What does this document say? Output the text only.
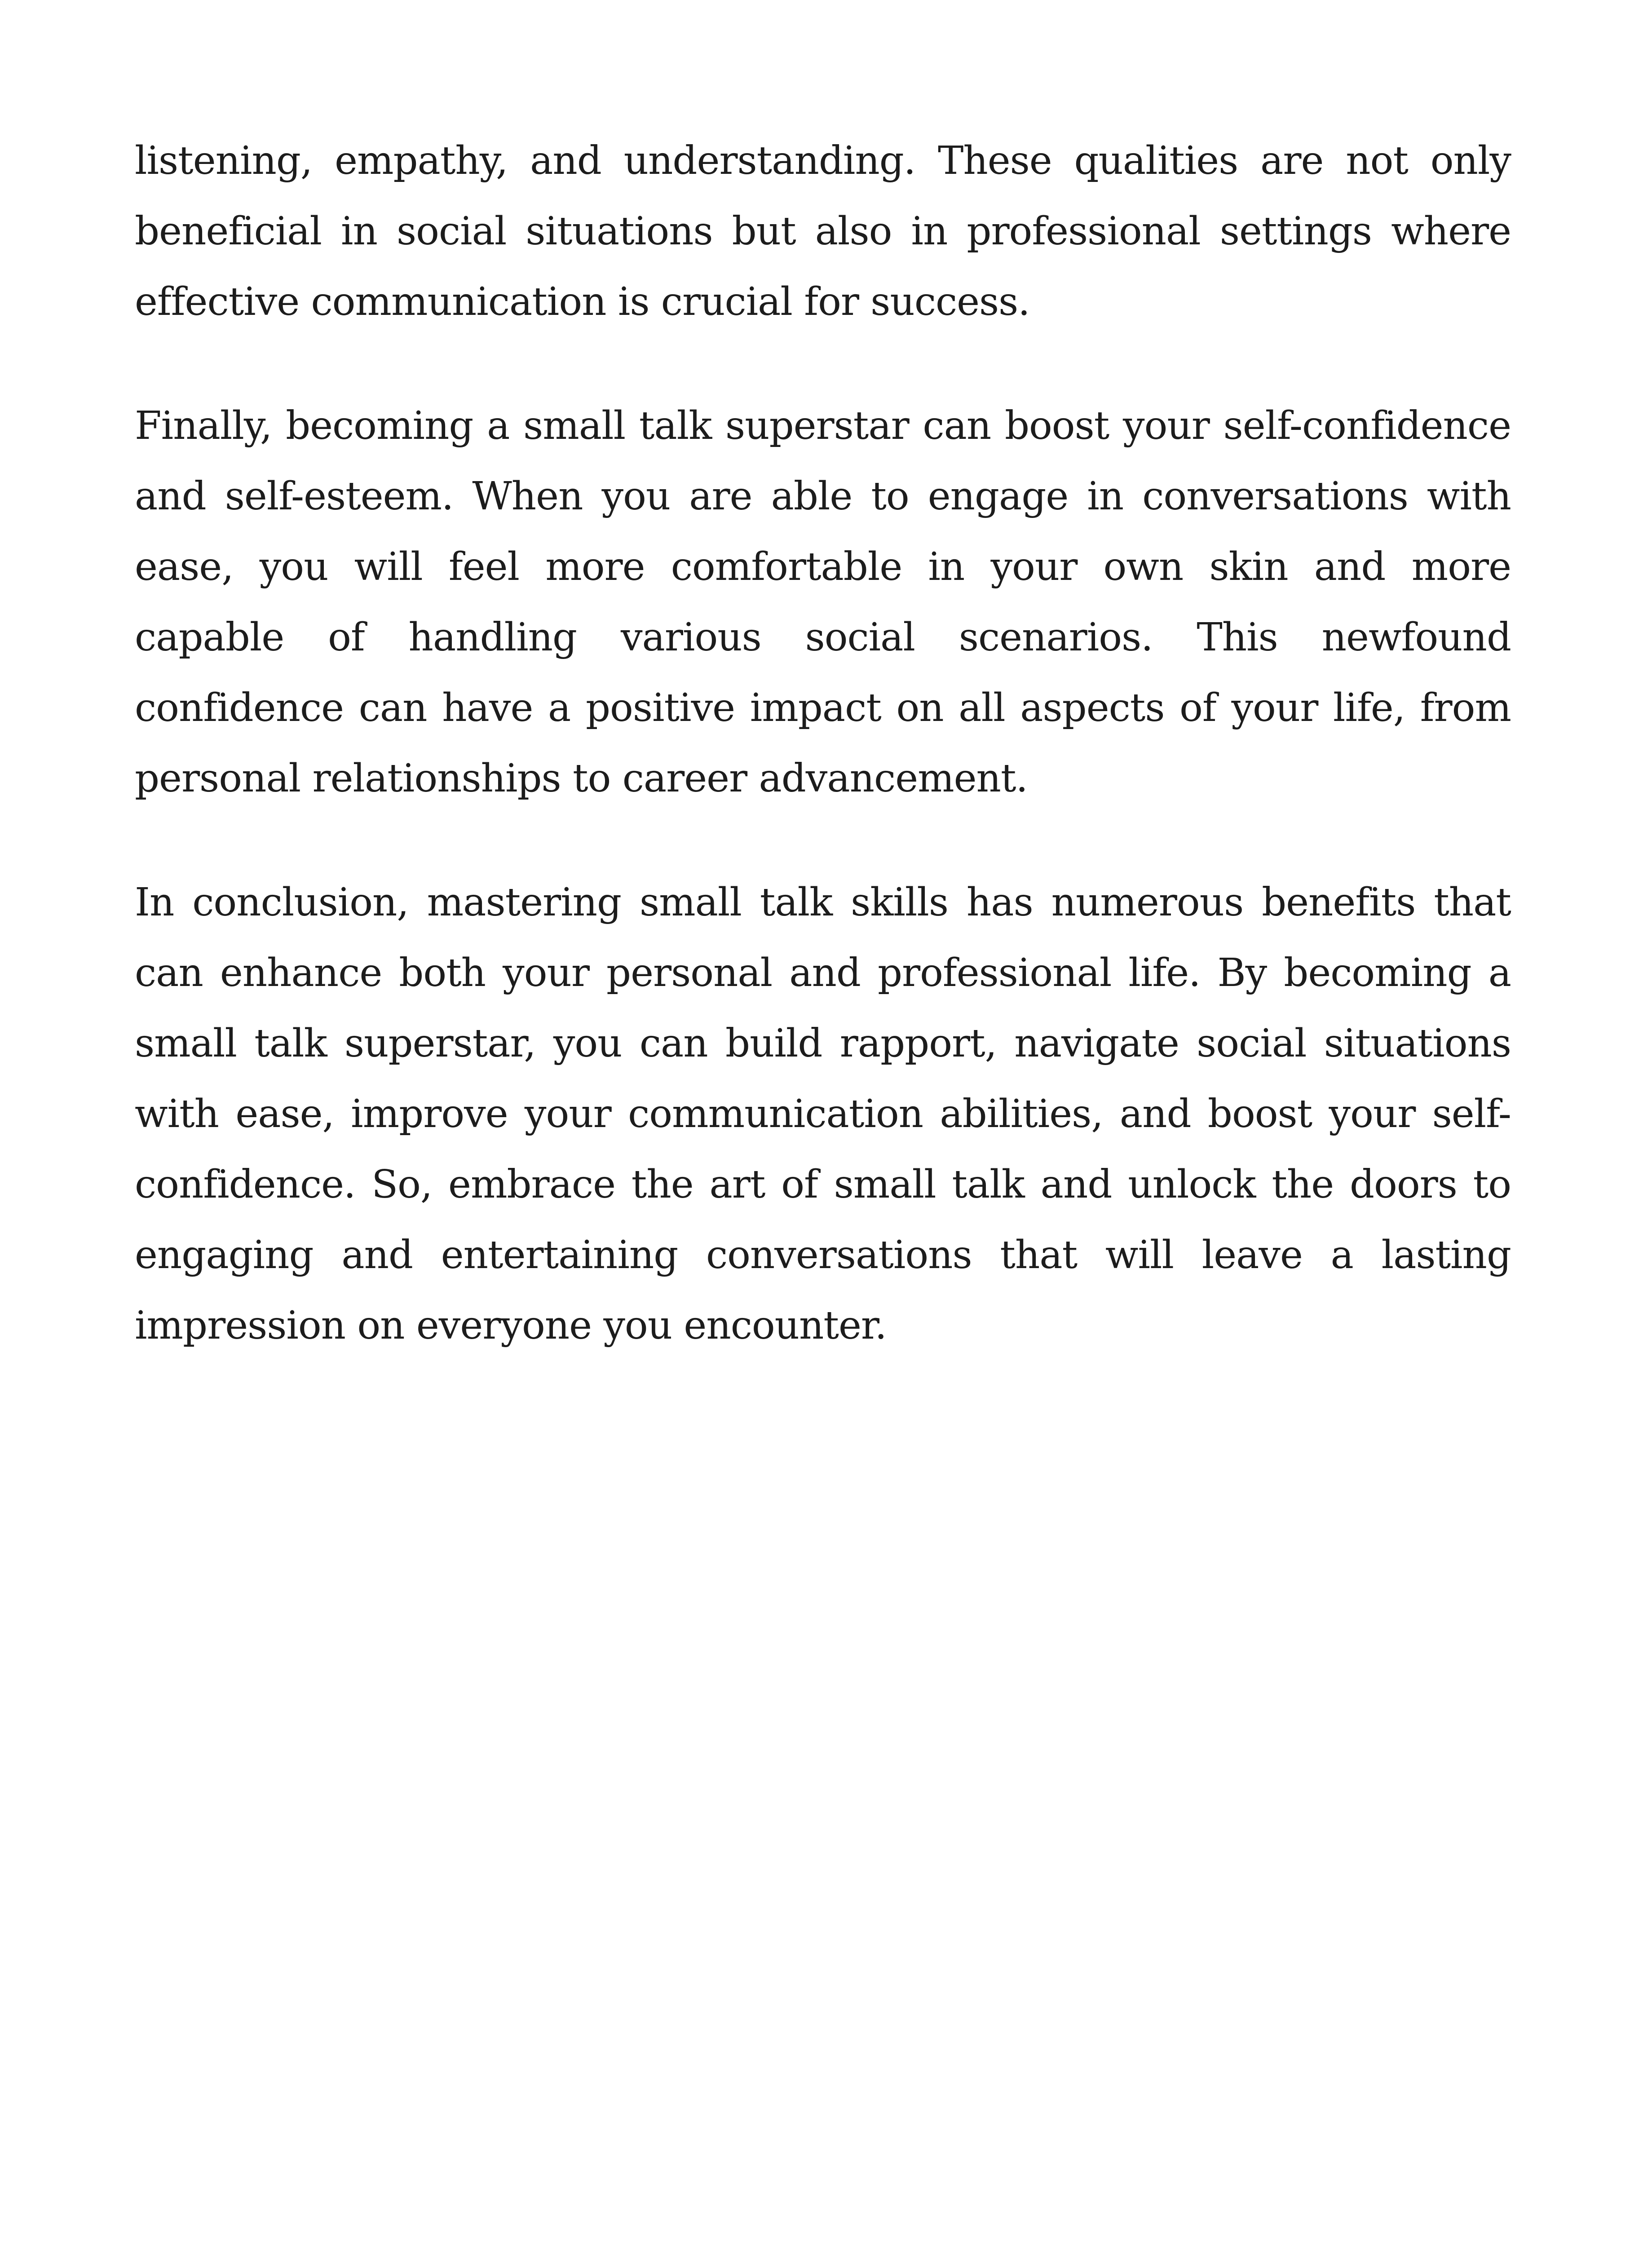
listening, empathy, and understanding. These qualities are not only
beneficial in social situations but also in professional settings where
effective communication is crucial for success.
Finally, becoming a small talk superstar can boost your self-confidence
and self-esteem. When you are able to engage in conversations with
ease, you will feel more comfortable in your own skin and more
capable of handling various social scenarios. This newfound
confidence can have a positive impact on all aspects of your life, from
personal relationships to career advancement.
In conclusion, mastering small talk skills has numerous benefits that
can enhance both your personal and professional life. By becoming a
small talk superstar, you can build rapport, navigate social situations
with ease, improve your communication abilities, and boost your self-
confidence. So, embrace the art of small talk and unlock the doors to
engaging and entertaining conversations that will leave a lasting
impression on everyone you encounter.
